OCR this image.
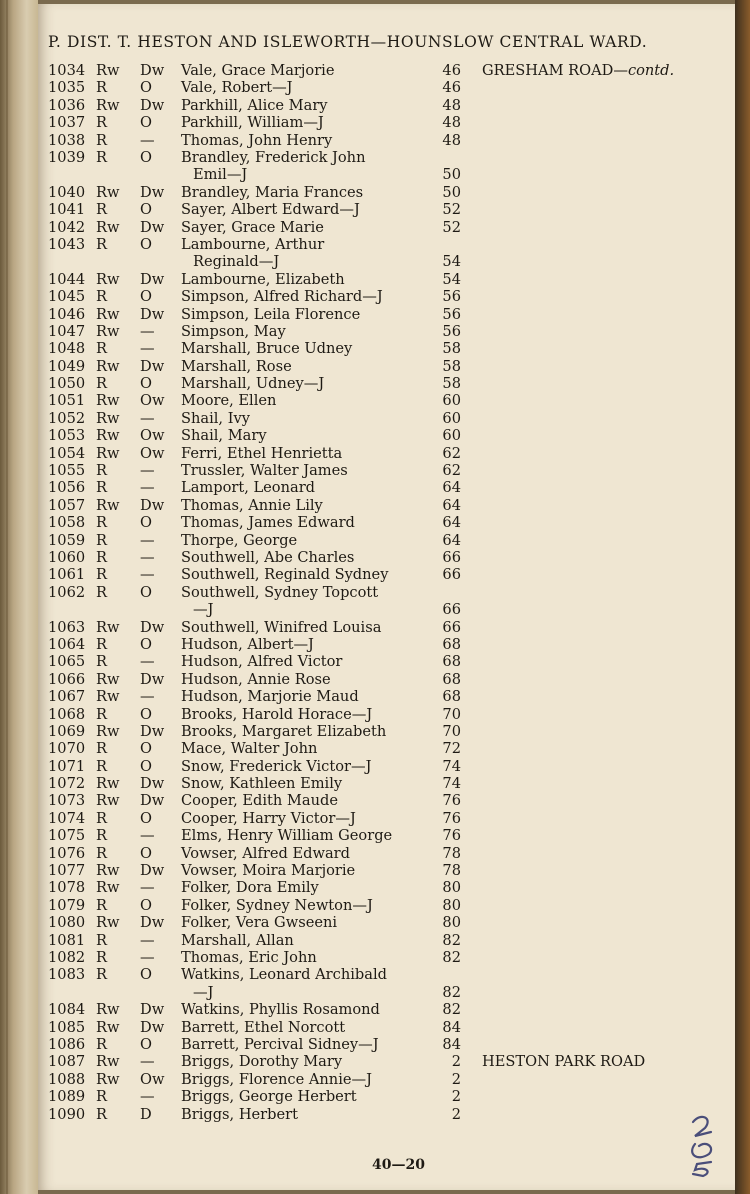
P. DIST. T. HESTON AND ISLEWORTH—HOUNSLOW CENTRAL WARD.
1034 Rw	Dw	Vale, Grace Marjorie	46 GRESHAM ROAD—contd.
1035 R	O	Vale, Robert—J	46
1036 Rw	Dw	Parkhill, Alice Mary	48
1037 R	O	Parkhill, William—J	48
1038 R	—	Thomas, John Henry	48
1039 R	O	Brandley, Frederick John
Emil—J	50
1040 Rw	Dw	Brandley, Maria Frances	50
1041 R	O	Sayer, Albert Edward—J	52
1042 Rw	Dw	Sayer, Grace Marie	52
1043 R	O	Lambourne, Arthur
Reginald—J	54
1044 Rw	Dw	Lambourne, Elizabeth	54
1045 R	O	Simpson, Alfred Richard—J	56
1046 Rw	Dw	Simpson, Leila Florence	56
1047 Rw	—	Simpson, May	56
1048 R	—	Marshall, Bruce Udney	58
1049 Rw	Dw	Marshall, Rose	58
1050 R	O	Marshall, Udney—J	58
1051 Rw	Ow	Moore, Ellen	60
1052 Rw	—	Shail, Ivy	60
1053 Rw	Ow	Shail, Mary	60
1054 Rw	Ow	Ferri, Ethel Henrietta	62
1055 R	—	Trussler, Walter James	62
1056 R	—	Lamport, Leonard	64
1057 Rw	Dw	Thomas, Annie Lily	64
1058 R	O	Thomas, James Edward	64
1059 R	—	Thorpe, George	64
1060 R	—	Southwell, Abe Charles	66
1061 R	—	Southwell, Reginald Sydney	66
1062 R	O	Southwell, Sydney Topcott
—J	66
1063 Rw	Dw	Southwell, Winifred Louisa	66
1064 R	O	Hudson, Albert—J	68
1065 R	—	Hudson, Alfred Victor	68
1066 Rw	Dw	Hudson, Annie Rose	68
1067 Rw	—	Hudson, Marjorie Maud	68
1068 R	O	Brooks, Harold Horace—J	70
1069 Rw	Dw	Brooks, Margaret Elizabeth	70
1070 R	O	Mace, Walter John	72
1071 R	O	Snow, Frederick Victor—J	74
1072 Rw	Dw	Snow, Kathleen Emily	74
1073 Rw	Dw	Cooper, Edith Maude	76
1074 R	O	Cooper, Harry Victor—J	76
1075 R	—	Elms, Henry William George	76
1076 R	O	Vowser, Alfred Edward	78
1077 Rw	Dw	Vowser, Moira Marjorie	78
1078 Rw	—	Folker, Dora Emily	80
1079 R	O	Folker, Sydney Newton—J	80
1080 Rw	Dw	Folker, Vera Gwseeni	80
1081 R	—	Marshall, Allan	82
1082 R	—	Thomas, Eric John	82
1083 R	O	Watkins, Leonard Archibald
—J	82
1084 Rw	Dw	Watkins, Phyllis Rosamond	82
1085 Rw	Dw	Barrett, Ethel Norcott	84
1086 R	O	Barrett, Percival Sidney—J	84
1087 Rw	—	Briggs, Dorothy Mary	2 HESTON PARK ROAD
1088 Rw	Ow	Briggs, Florence Annie—J	2
1089 R	—	Briggs, George Herbert	2
1090 R	D	Briggs, Herbert	2
40—20
